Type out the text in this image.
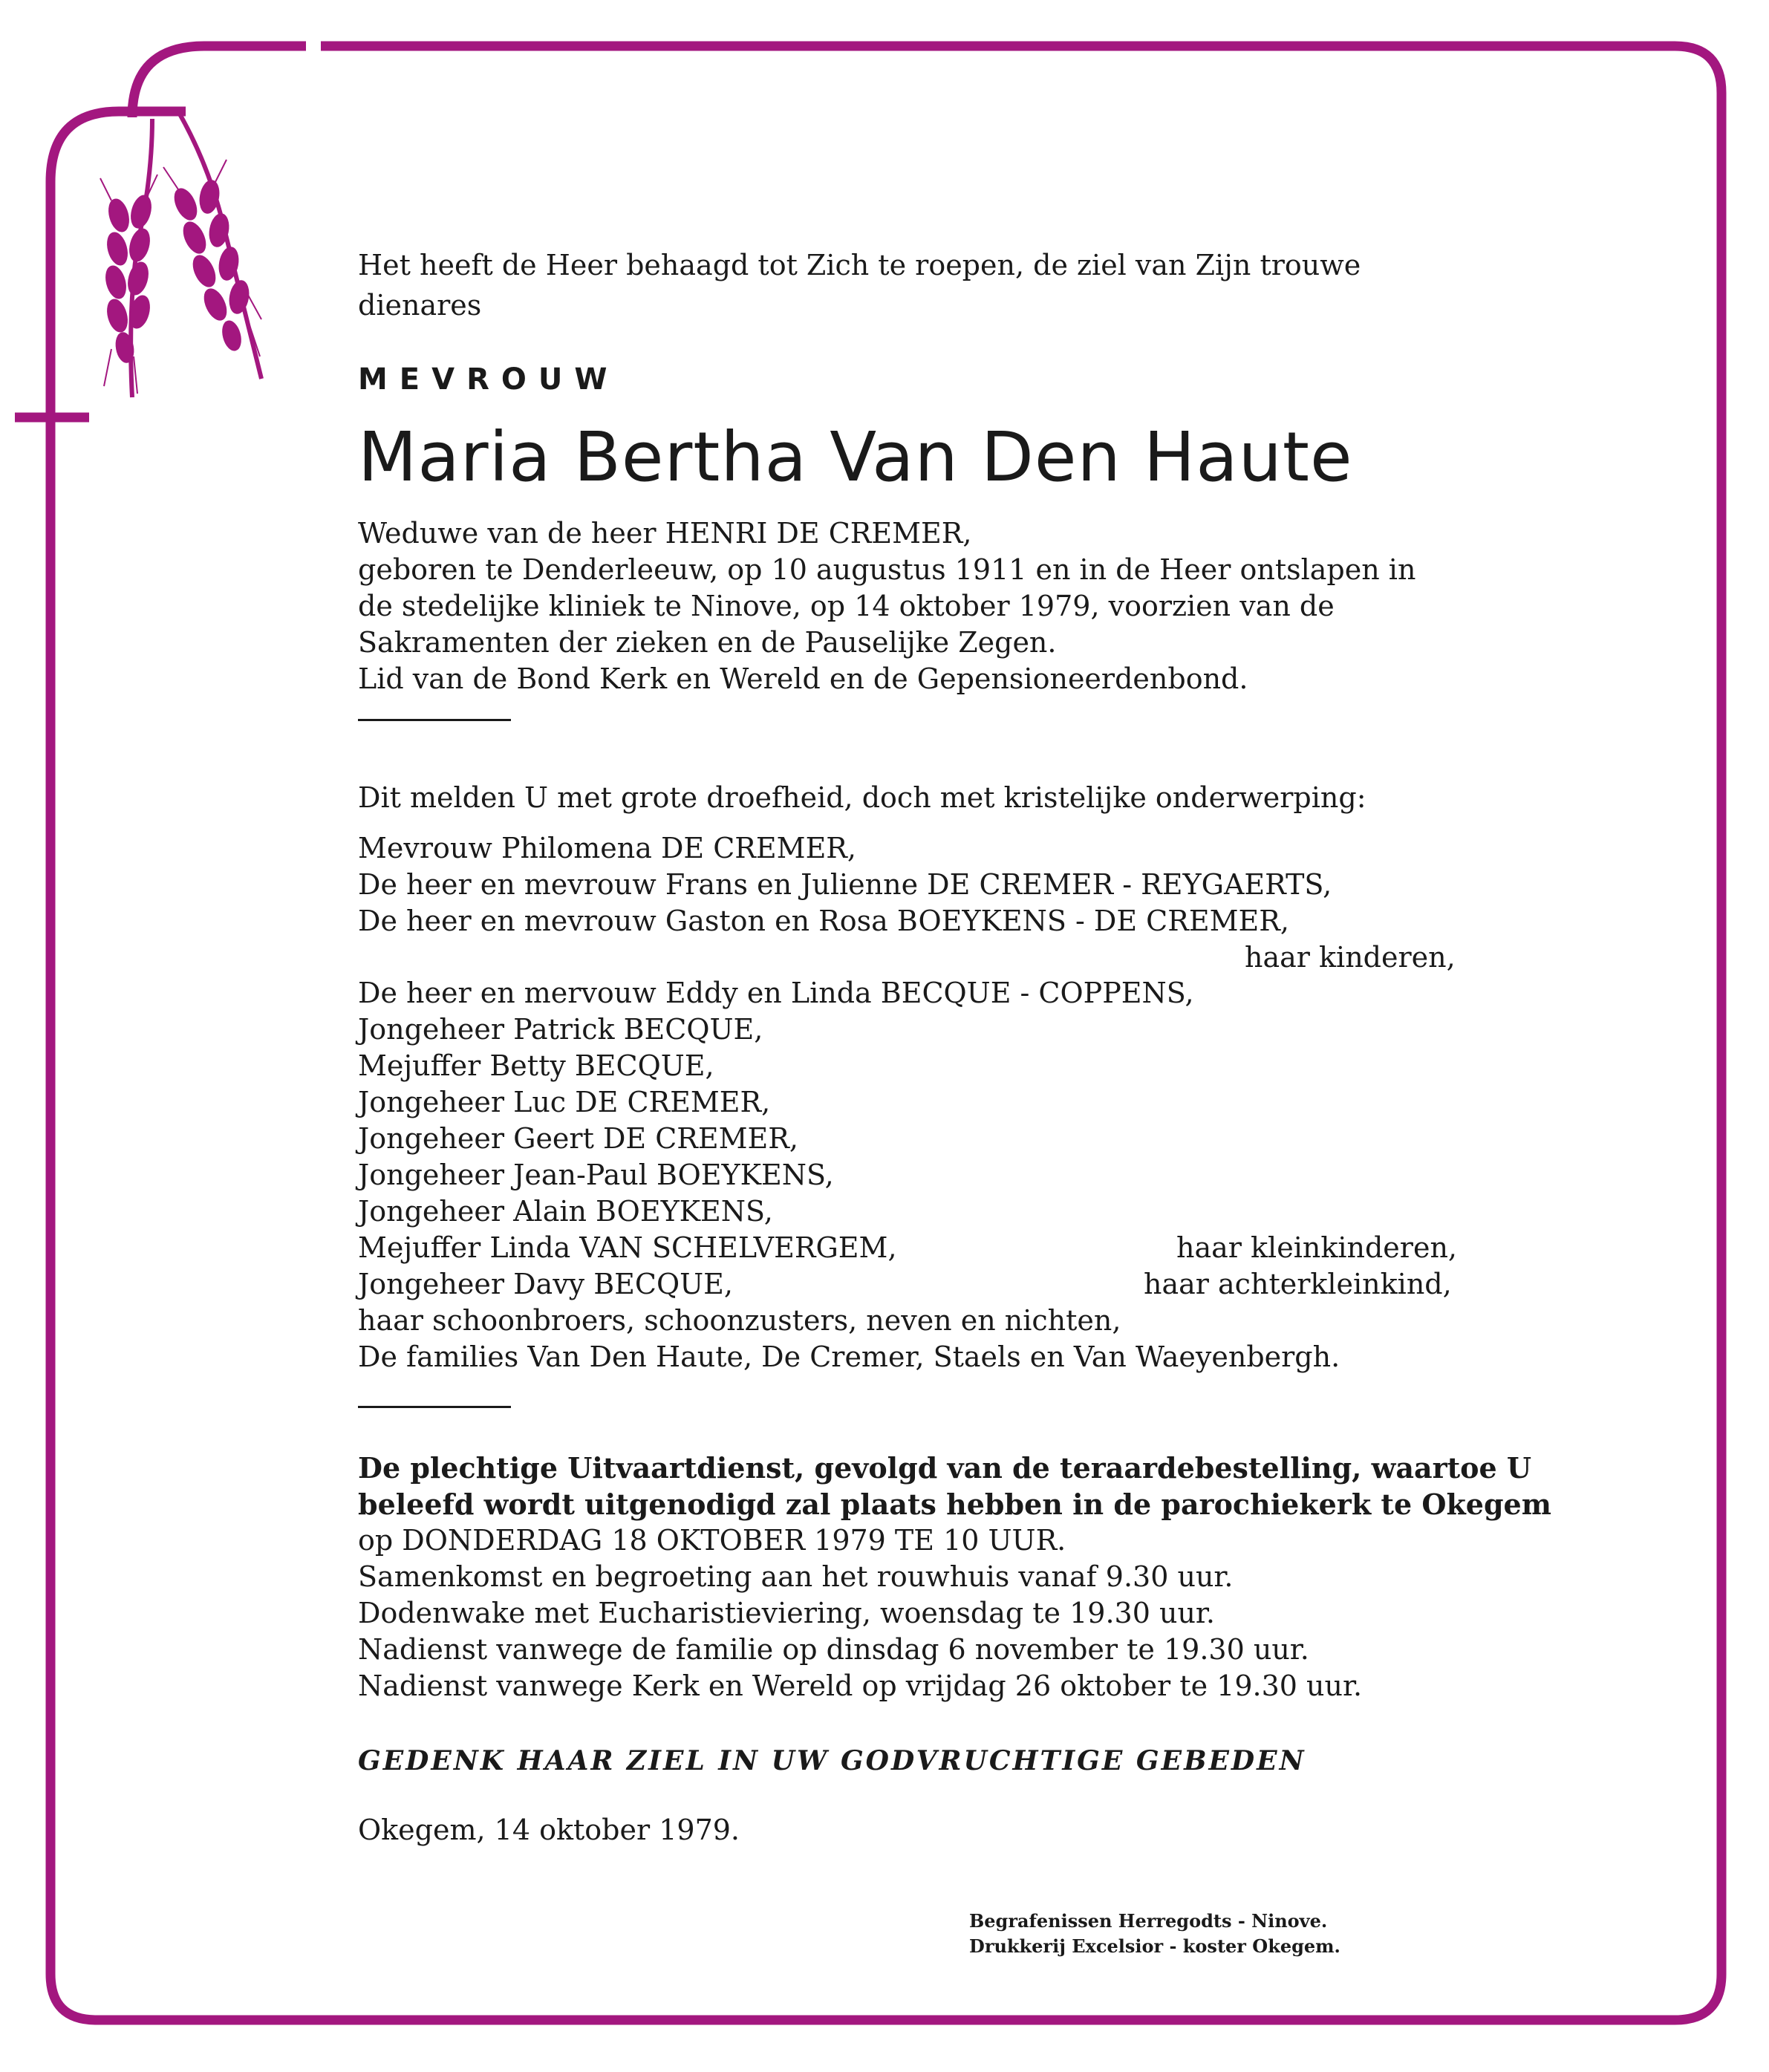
Het heeft de Heer behaagd tot Zich te roepen, de ziel van Zijn trouwe
dienares
MEVROUW
Maria Bertha Van Den Haute
Weduwe van de heer HENRI DE CREMER,
geboren te Denderleeuw, op 10 augustus 1911 en in de Heer ontslapen in
de stedelijke kliniek te Ninove, op 14 oktober 1979, voorzien van de
Sakramenten der zieken en de Pauselijke Zegen.
Lid van de Bond Kerk en Wereld en de Gepensioneerdenbond.
Dit melden U met grote droefheid, doch met kristelijke onderwerping:
Mevrouw Philomena DE CREMER,
De heer en mevrouw Frans en Julienne DE CREMER - REYGAERTS,
De heer en mevrouw Gaston en Rosa BOEYKENS - DE CREMER,
haar kinderen,
De heer en mervouw Eddy en Linda BECQUE - COPPENS,
Jongeheer Patrick BECQUE,
Mejuffer Betty BECQUE,
Jongeheer Luc DE CREMER,
Jongeheer Geert DE CREMER,
Jongeheer Jean-Paul BOEYKENS,
Jongeheer Alain BOEYKENS,
Mejuffer Linda VAN SCHELVERGEM,
Jongeheer Davy BECQUE,
haar schoonbroers, schoonzusters, neven en nichten,
De families Van Den Haute, De Cremer, Staels en Van Waeyenbergh.
haar kleinkinderen,
haar achterkleinkind,
De plechtige Uitvaartdienst, gevolgd van de teraardebestelling, waartoe U
beleefd wordt uitgenodigd zal plaats hebben in de parochiekerk te Okegem
op DONDERDAG 18 OKTOBER 1979 TE 10 UUR.
Samenkomst en begroeting aan het rouwhuis vanaf 9.30 uur.
Dodenwake met Eucharistieviering, woensdag te 19.30 uur.
Nadienst vanwege de familie op dinsdag 6 november te 19.30 uur.
Nadienst vanwege Kerk en Wereld op vrijdag 26 oktober te 19.30 uur.
GEDENK HAAR ZIEL IN UW GODVRUCHTIGE GEBEDEN
Okegem, 14 oktober 1979.
Begrafenissen Herregodts - Ninove.
Drukkerij Excelsior - koster Okegem.
